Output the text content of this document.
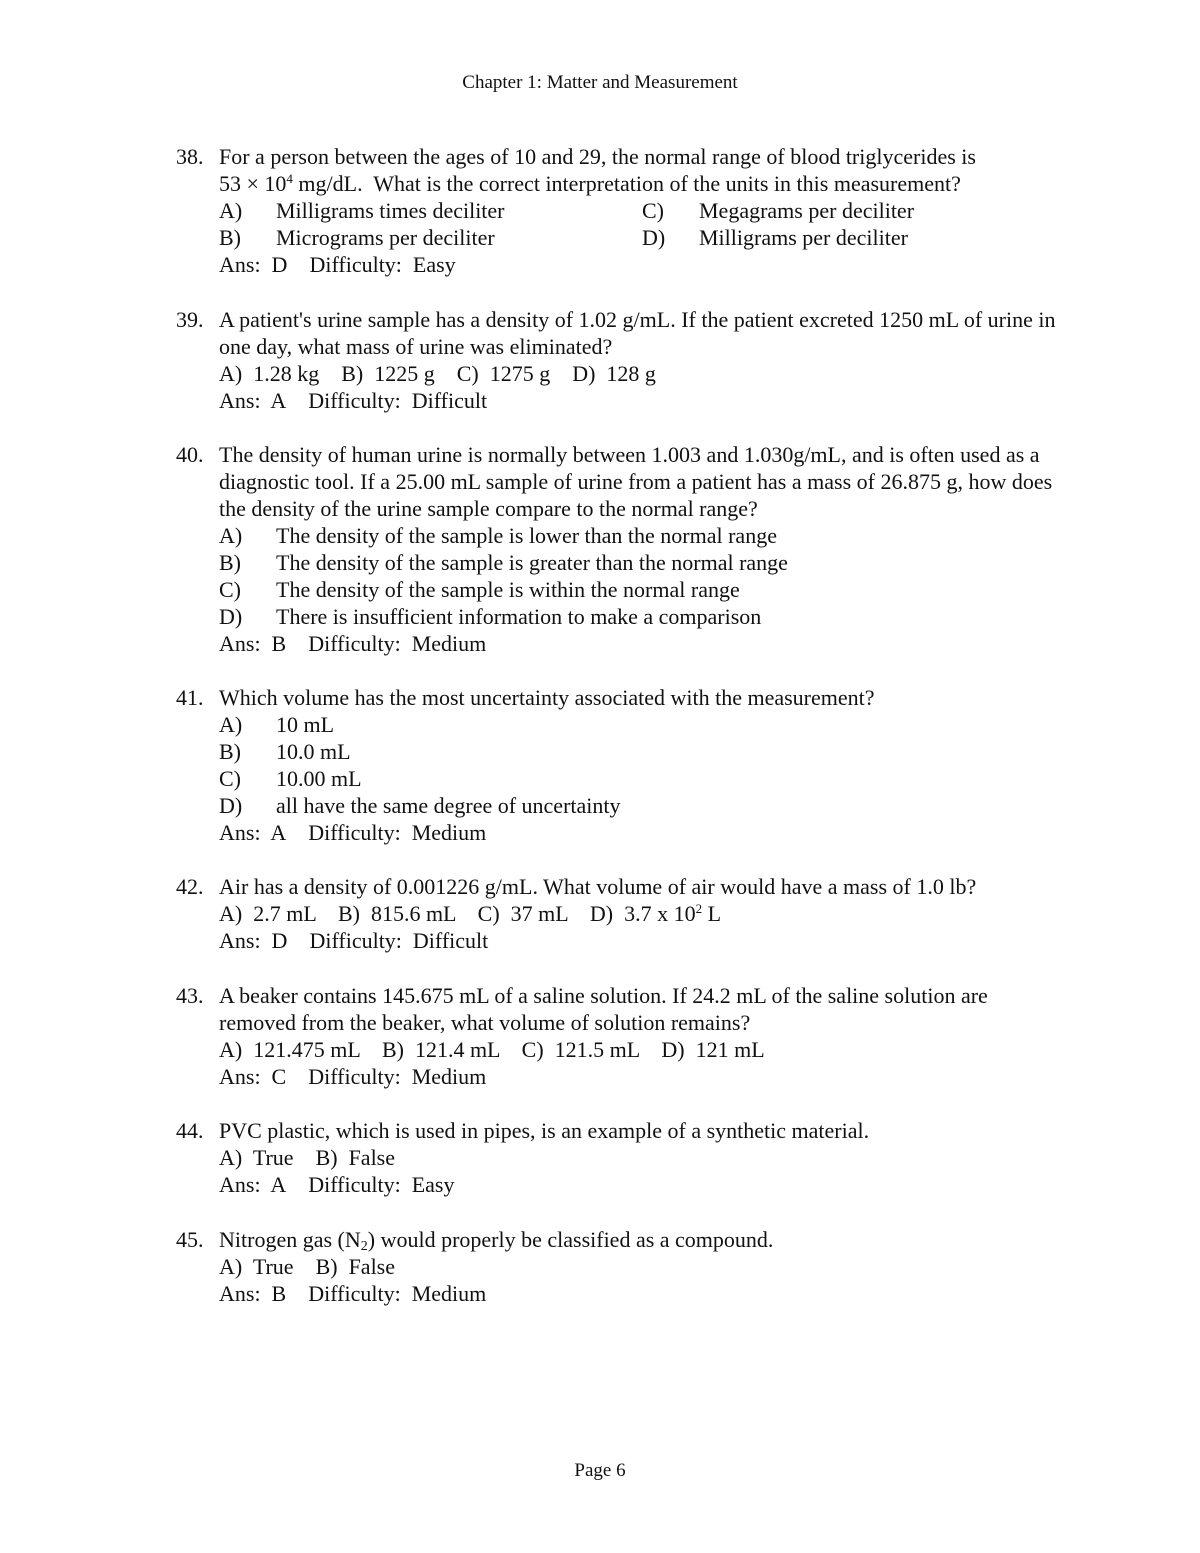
Chapter 1: Matter and Measurement
38. For a person between the ages of 10 and 29, the normal range of blood triglycerides is
$53 \times 10^4$ mg/dL.  What is the correct interpretation of the units in this measurement?
A)	Milligrams times deciliter	C)	Megagrams per deciliter
B)	Micrograms per deciliter	D)	Milligrams per deciliter
Ans:  D Difficulty:  Easy
39. A patient's urine sample has a density of 1.02 g/mL. If the patient excreted 1250 mL of urine in one day, what mass of urine was eliminated?
A)  1.28 kg    B)  1225 g    C)  1275 g    D)  128 g
Ans:  A Difficulty:  Difficult
40. The density of human urine is normally between 1.003 and 1.030g/mL, and is often used as a diagnostic tool. If a 25.00 mL sample of urine from a patient has a mass of 26.875 g, how does the density of the urine sample compare to the normal range?
A)	The density of the sample is lower than the normal range
B)	The density of the sample is greater than the normal range
C)	The density of the sample is within the normal range
D)	There is insufficient information to make a comparison
Ans:  B Difficulty:  Medium
41. Which volume has the most uncertainty associated with the measurement?
A)	10 mL
B)	10.0 mL
C)	10.00 mL
D)	all have the same degree of uncertainty
Ans:  A Difficulty:  Medium
42. Air has a density of 0.001226 g/mL. What volume of air would have a mass of 1.0 lb?
A)  2.7 mL    B)  815.6 mL    C)  37 mL    D)  3.7 x $10^2$ L
Ans:  D Difficulty:  Difficult
43. A beaker contains 145.675 mL of a saline solution. If 24.2 mL of the saline solution are removed from the beaker, what volume of solution remains?
A)  121.475 mL    B)  121.4 mL    C)  121.5 mL    D)  121 mL
Ans:  C Difficulty:  Medium
44. PVC plastic, which is used in pipes, is an example of a synthetic material.
A)  True    B)  False
Ans:  A Difficulty:  Easy
45. Nitrogen gas $(N_2)$ would properly be classified as a compound.
A)  True    B)  False
Ans:  B Difficulty:  Medium
Page 6
